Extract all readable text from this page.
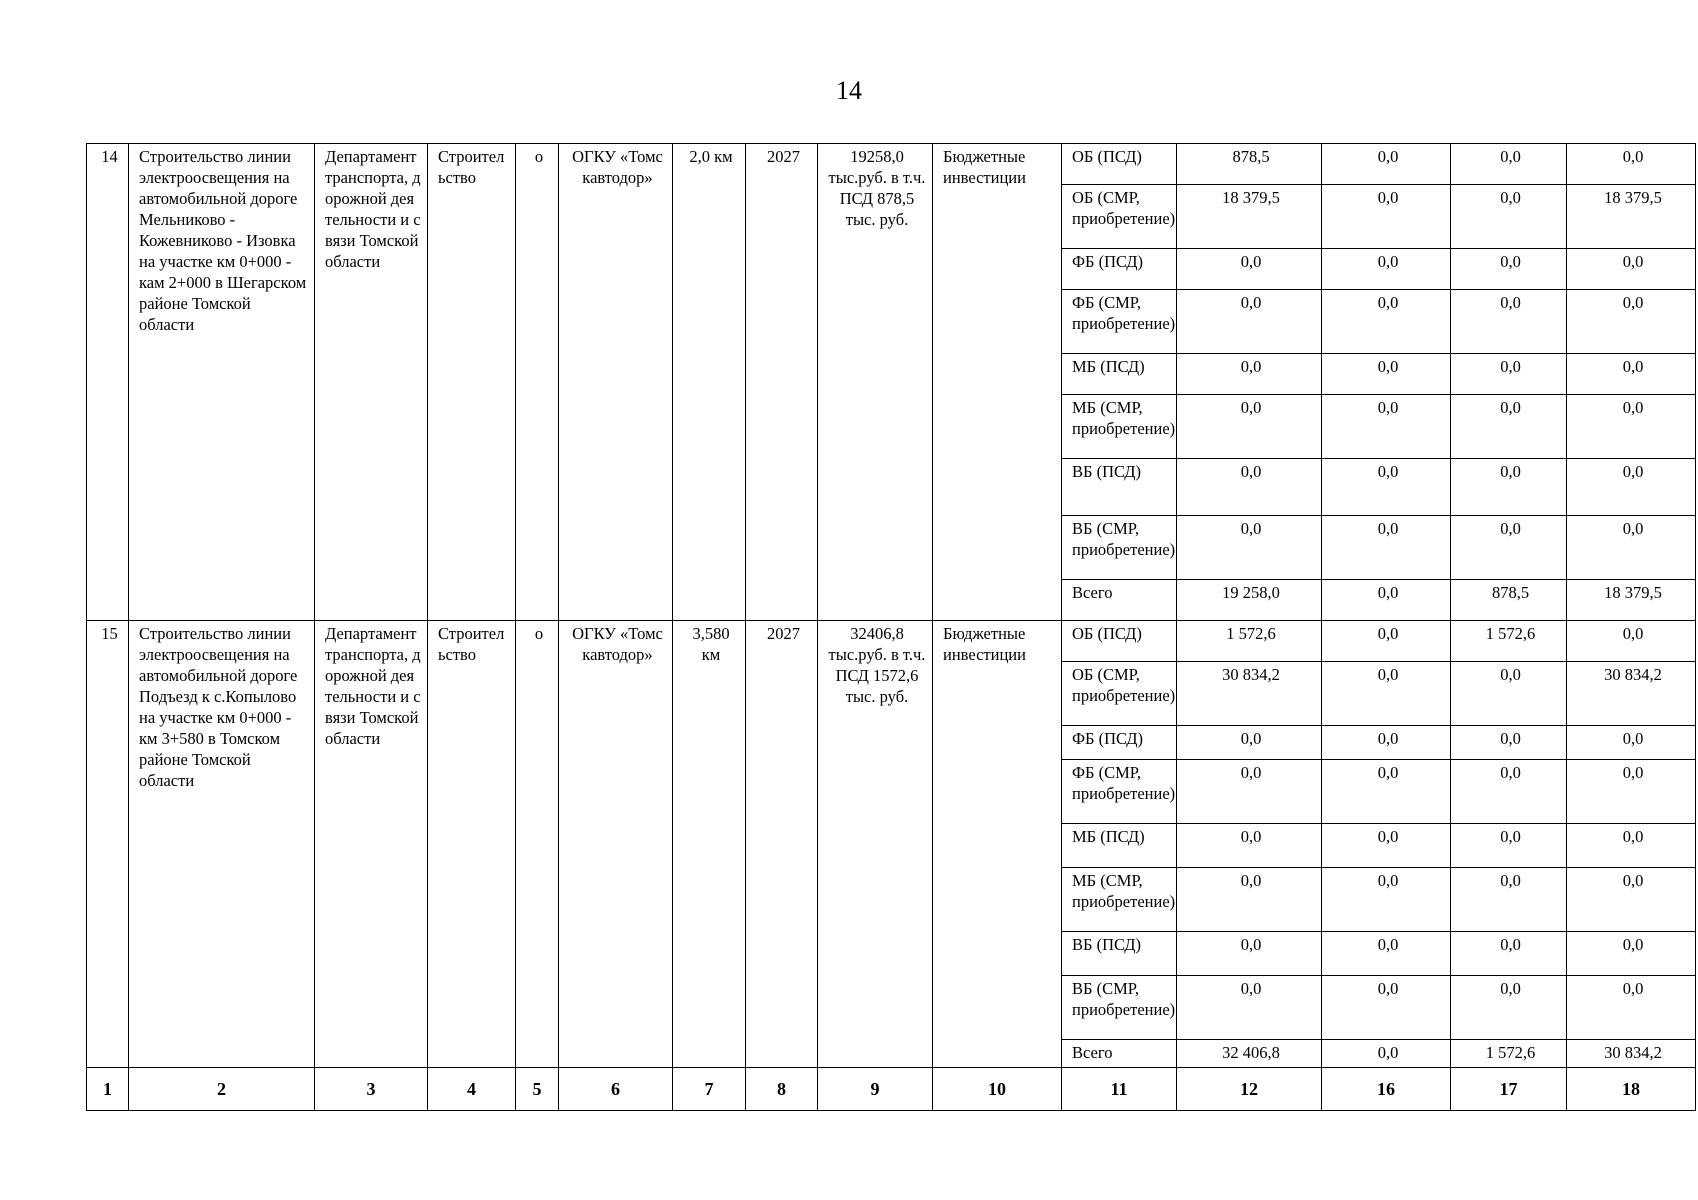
14
14	Строительство линии электроосвещения на автомобильной дороге Мельниково - Кожевниково - Изовка на участке км 0+000 - кам 2+000 в Шегарском районе Томской области	Департамент транспорта, дорожной деятельности и связи Томской области	Строительство	о	ОГКУ «Томскавтодор»	2,0 км	2027	19258,0 тыс.руб. в т.ч. ПСД 878,5 тыс. руб.	Бюджетные инвестиции	ОБ (ПСД)	878,5	0,0	0,0	0,0
										ОБ (СМР, приобретение)	18 379,5	0,0	0,0	18 379,5
										ФБ (ПСД)	0,0	0,0	0,0	0,0
										ФБ (СМР, приобретение)	0,0	0,0	0,0	0,0
										МБ (ПСД)	0,0	0,0	0,0	0,0
										МБ (СМР, приобретение)	0,0	0,0	0,0	0,0
										ВБ (ПСД)	0,0	0,0	0,0	0,0
										ВБ (СМР, приобретение)	0,0	0,0	0,0	0,0
										Всего	19 258,0	0,0	878,5	18 379,5
15	Строительство линии электроосвещения на автомобильной дороге Подъезд к с.Копылово на участке км 0+000 - км 3+580 в Томском районе Томской области	Департамент транспорта, дорожной деятельности и связи Томской области	Строительство	о	ОГКУ «Томскавтодор»	3,580 км	2027	32406,8 тыс.руб. в т.ч. ПСД 1572,6 тыс. руб.	Бюджетные инвестиции	ОБ (ПСД)	1 572,6	0,0	1 572,6	0,0
										ОБ (СМР, приобретение)	30 834,2	0,0	0,0	30 834,2
										ФБ (ПСД)	0,0	0,0	0,0	0,0
										ФБ (СМР, приобретение)	0,0	0,0	0,0	0,0
										МБ (ПСД)	0,0	0,0	0,0	0,0
										МБ (СМР, приобретение)	0,0	0,0	0,0	0,0
										ВБ (ПСД)	0,0	0,0	0,0	0,0
										ВБ (СМР, приобретение)	0,0	0,0	0,0	0,0
										Всего	32 406,8	0,0	1 572,6	30 834,2
1	2	3	4	5	6	7	8	9	10	11	12	16	17	18
